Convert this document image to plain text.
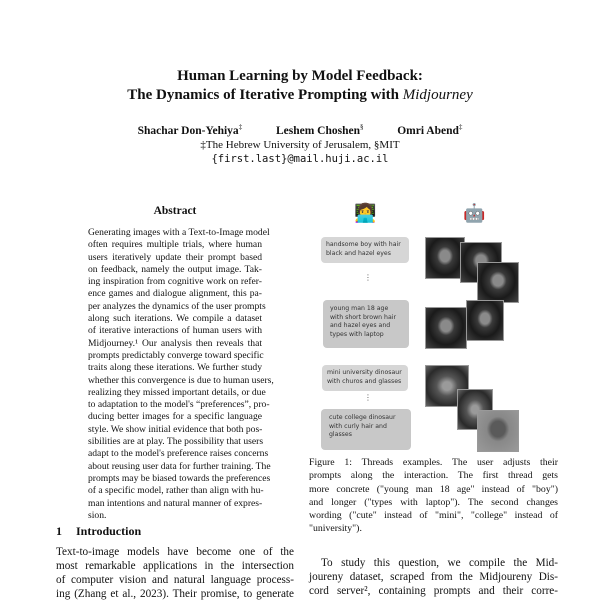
Human Learning by Model Feedback:
The Dynamics of Iterative Prompting with Midjourney
Shachar Don-Yehiya‡	Leshem Choshen§	Omri Abend‡
‡The Hebrew University of Jerusalem, §MIT
{first.last}@mail.huji.ac.il
Abstract
Generating images with a Text-to-Image model
often requires multiple trials, where human
users iteratively update their prompt based
on feedback, namely the output image. Tak-
ing inspiration from cognitive work on refer-
ence games and dialogue alignment, this pa-
per analyzes the dynamics of the user prompts
along such iterations. We compile a dataset
of iterative interactions of human users with
Midjourney.¹ Our analysis then reveals that
prompts predictably converge toward specific
traits along these iterations. We further study
whether this convergence is due to human users,
realizing they missed important details, or due
to adaptation to the model's “preferences”, pro-
ducing better images for a specific language
style. We show initial evidence that both pos-
sibilities are at play. The possibility that users
adapt to the model's preference raises concerns
about reusing user data for further training. The
prompts may be biased towards the preferences
of a specific model, rather than align with hu-
man intentions and natural manner of expres-
sion.
1 Introduction
Text-to-image models have become one of the
most remarkable applications in the intersection
of computer vision and natural language process-
ing (Zhang et al., 2023). Their promise, to generate
👩‍💻	🤖
handsome boy with hair black and hazel eyes
⋮
young man 18 age with short brown hair and hazel eyes and types with laptop
mini university dinosaur with churos and glasses
⋮
cute college dinosaur with curly hair and glasses
Figure 1: Threads examples. The user adjusts their
prompts along the interaction. The first thread gets
more concrete ("young man 18 age" instead of "boy")
and longer ("types with laptop"). The second changes
wording ("cute" instead of "mini", "college" instead of
"university").
To study this question, we compile the Mid-
joureny dataset, scraped from the Midjoureny Dis-
cord server², containing prompts and their corre-
